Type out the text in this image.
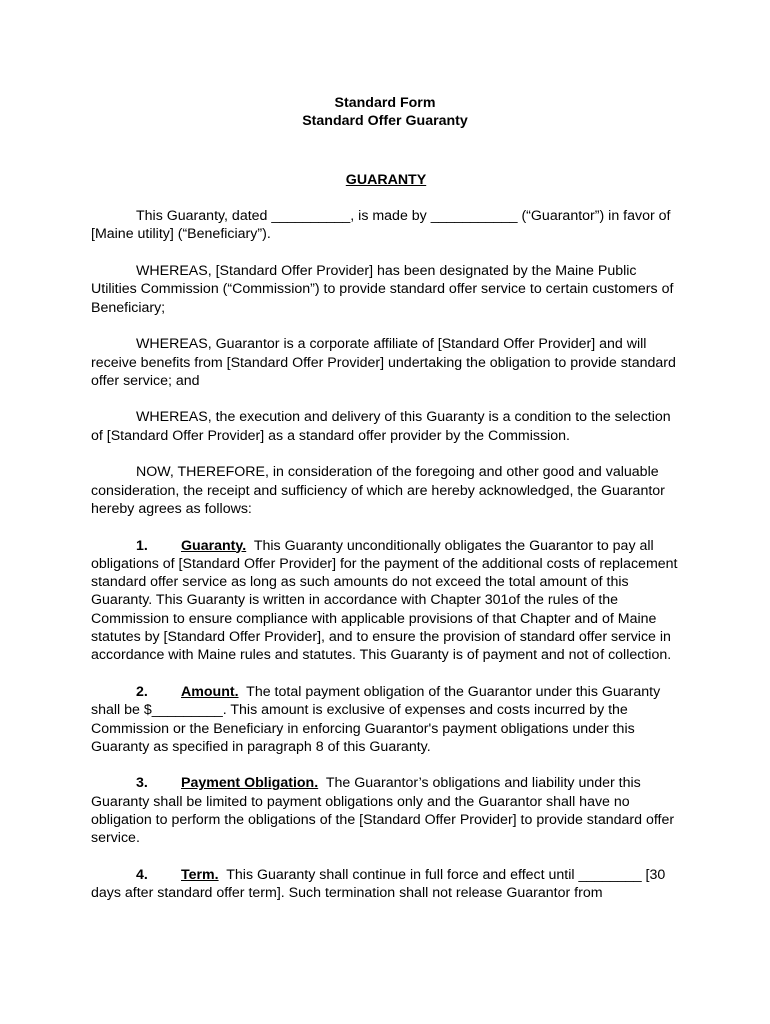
Standard Form

Standard Offer Guaranty

GUARANTY

This Guaranty, dated __________, is made by ___________ (“Guarantor”) in favor of [Maine utility] (“Beneficiary”).

WHEREAS, [Standard Offer Provider] has been designated by the Maine Public Utilities Commission (“Commission”) to provide standard offer service to certain customers of Beneficiary;

WHEREAS, Guarantor is a corporate affiliate of [Standard Offer Provider] and will receive benefits from [Standard Offer Provider] undertaking the obligation to provide standard offer service; and

WHEREAS, the execution and delivery of this Guaranty is a condition to the selection of [Standard Offer Provider] as a standard offer provider by the Commission.

NOW, THEREFORE, in consideration of the foregoing and other good and valuable consideration, the receipt and sufficiency of which are hereby acknowledged, the Guarantor hereby agrees as follows:

1. Guaranty. This Guaranty unconditionally obligates the Guarantor to pay all obligations of [Standard Offer Provider] for the payment of the additional costs of replacement standard offer service as long as such amounts do not exceed the total amount of this Guaranty. This Guaranty is written in accordance with Chapter 301of the rules of the Commission to ensure compliance with applicable provisions of that Chapter and of Maine statutes by [Standard Offer Provider], and to ensure the provision of standard offer service in accordance with Maine rules and statutes. This Guaranty is of payment and not of collection.

2. Amount. The total payment obligation of the Guarantor under this Guaranty shall be $_________. This amount is exclusive of expenses and costs incurred by the Commission or the Beneficiary in enforcing Guarantor's payment obligations under this Guaranty as specified in paragraph 8 of this Guaranty.

3. Payment Obligation. The Guarantor’s obligations and liability under this Guaranty shall be limited to payment obligations only and the Guarantor shall have no obligation to perform the obligations of the [Standard Offer Provider] to provide standard offer service.

4. Term. This Guaranty shall continue in full force and effect until ________ [30 days after standard offer term]. Such termination shall not release Guarantor from
